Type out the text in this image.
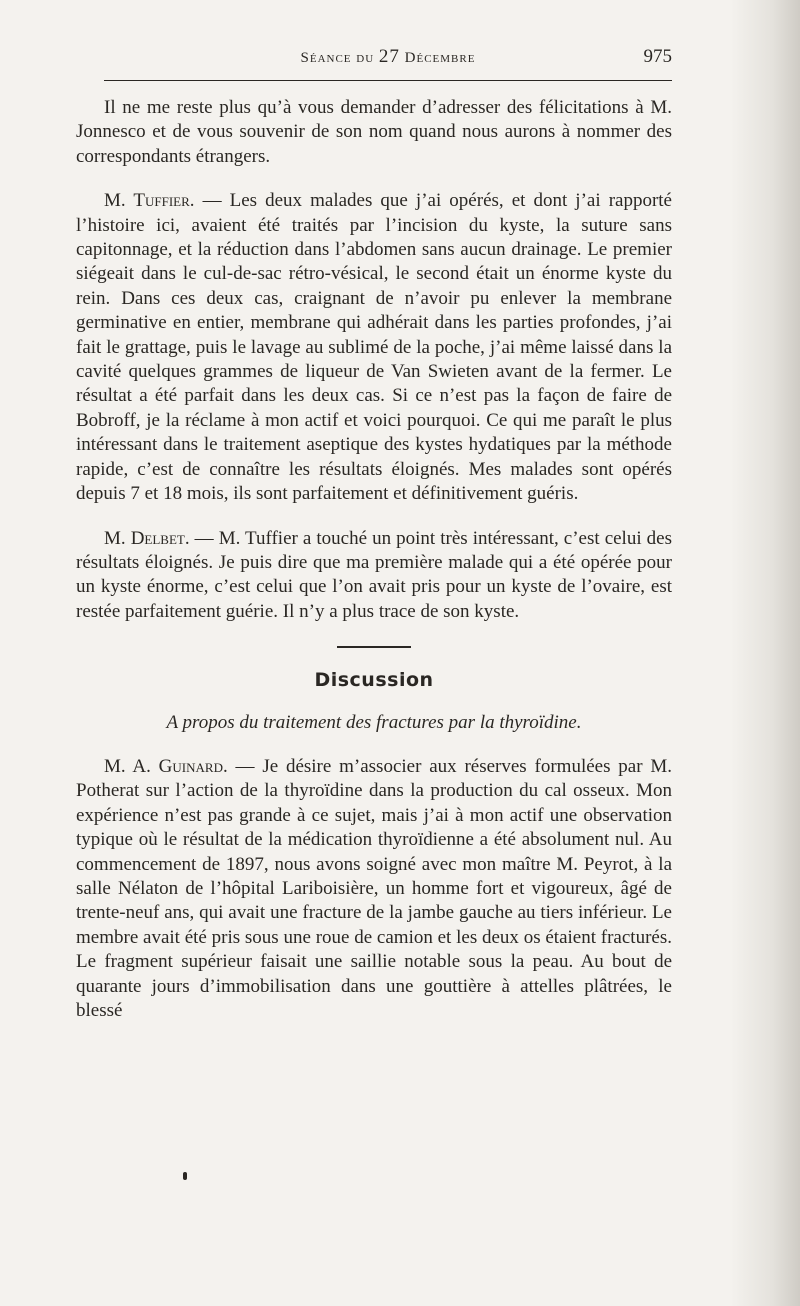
Séance du 27 Décembre	975

Il ne me reste plus qu’à vous demander d’adresser des félicitations à M. Jonnesco et de vous souvenir de son nom quand nous aurons à nommer des correspondants étrangers.

M. Tuffier. — Les deux malades que j’ai opérés, et dont j’ai rapporté l’histoire ici, avaient été traités par l’incision du kyste, la suture sans capitonnage, et la réduction dans l’abdomen sans aucun drainage. Le premier siégeait dans le cul-de-sac rétro-vésical, le second était un énorme kyste du rein. Dans ces deux cas, craignant de n’avoir pu enlever la membrane germinative en entier, membrane qui adhérait dans les parties profondes, j’ai fait le grattage, puis le lavage au sublimé de la poche, j’ai même laissé dans la cavité quelques grammes de liqueur de Van Swieten avant de la fermer. Le résultat a été parfait dans les deux cas. Si ce n’est pas la façon de faire de Bobroff, je la réclame à mon actif et voici pourquoi. Ce qui me paraît le plus intéressant dans le traitement aseptique des kystes hydatiques par la méthode rapide, c’est de connaître les résultats éloignés. Mes malades sont opérés depuis 7 et 18 mois, ils sont parfaitement et définitivement guéris.

M. Delbet. — M. Tuffier a touché un point très intéressant, c’est celui des résultats éloignés. Je puis dire que ma première malade qui a été opérée pour un kyste énorme, c’est celui que l’on avait pris pour un kyste de l’ovaire, est restée parfaitement guérie. Il n’y a plus trace de son kyste.

Discussion
A propos du traitement des fractures par la thyroïdine.

M. A. Guinard. — Je désire m’associer aux réserves formulées par M. Potherat sur l’action de la thyroïdine dans la production du cal osseux. Mon expérience n’est pas grande à ce sujet, mais j’ai à mon actif une observation typique où le résultat de la médication thyroïdienne a été absolument nul. Au commencement de 1897, nous avons soigné avec mon maître M. Peyrot, à la salle Nélaton de l’hôpital Lariboisière, un homme fort et vigoureux, âgé de trente-neuf ans, qui avait une fracture de la jambe gauche au tiers inférieur. Le membre avait été pris sous une roue de camion et les deux os étaient fracturés. Le fragment supérieur faisait une saillie notable sous la peau. Au bout de quarante jours d’immobilisation dans une gouttière à attelles plâtrées, le blessé
